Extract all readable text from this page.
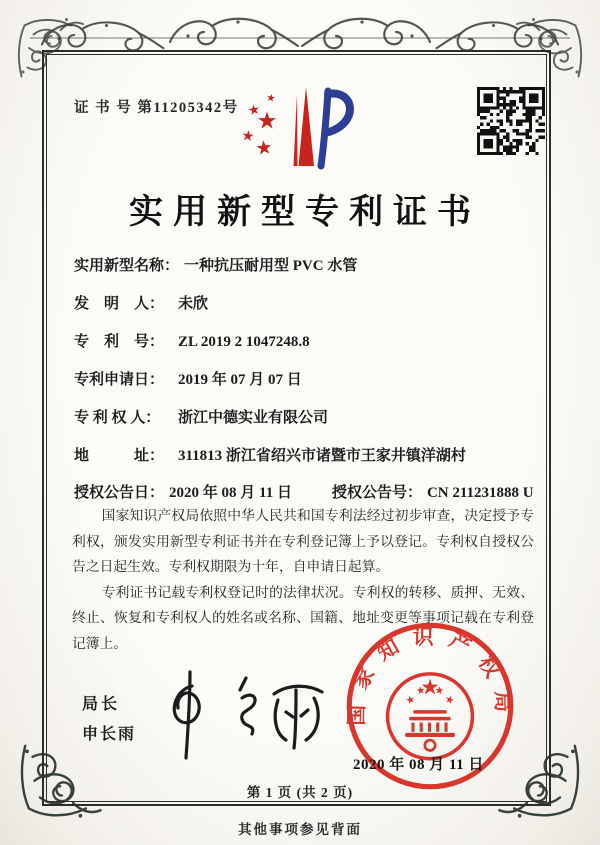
证 书 号 第11205342号
实用新型专利证书
实用新型名称： 一种抗压耐用型 PVC 水管
发　明　人： 未欣
专　利　号： ZL 2019 2 1047248.8
专利申请日： 2019 年 07 月 07 日
专 利 权 人： 浙江中德实业有限公司
地　　　址： 311813 浙江省绍兴市诸暨市王家井镇洋湖村
授权公告日： 2020 年 08 月 11 日	授权公告号： CN 211231888 U

国家知识产权局依照中华人民共和国专利法经过初步审查，决定授予专利权，颁发实用新型专利证书并在专利登记簿上予以登记。专利权自授权公告之日起生效。专利权期限为十年，自申请日起算。

专利证书记载专利权登记时的法律状况。专利权的转移、质押、无效、终止、恢复和专利权人的姓名或名称、国籍、地址变更等事项记载在专利登记簿上。

局长
申长雨
国家知识产权局
2020 年 08 月 11 日
第 1 页 (共 2 页)
其他事项参见背面
